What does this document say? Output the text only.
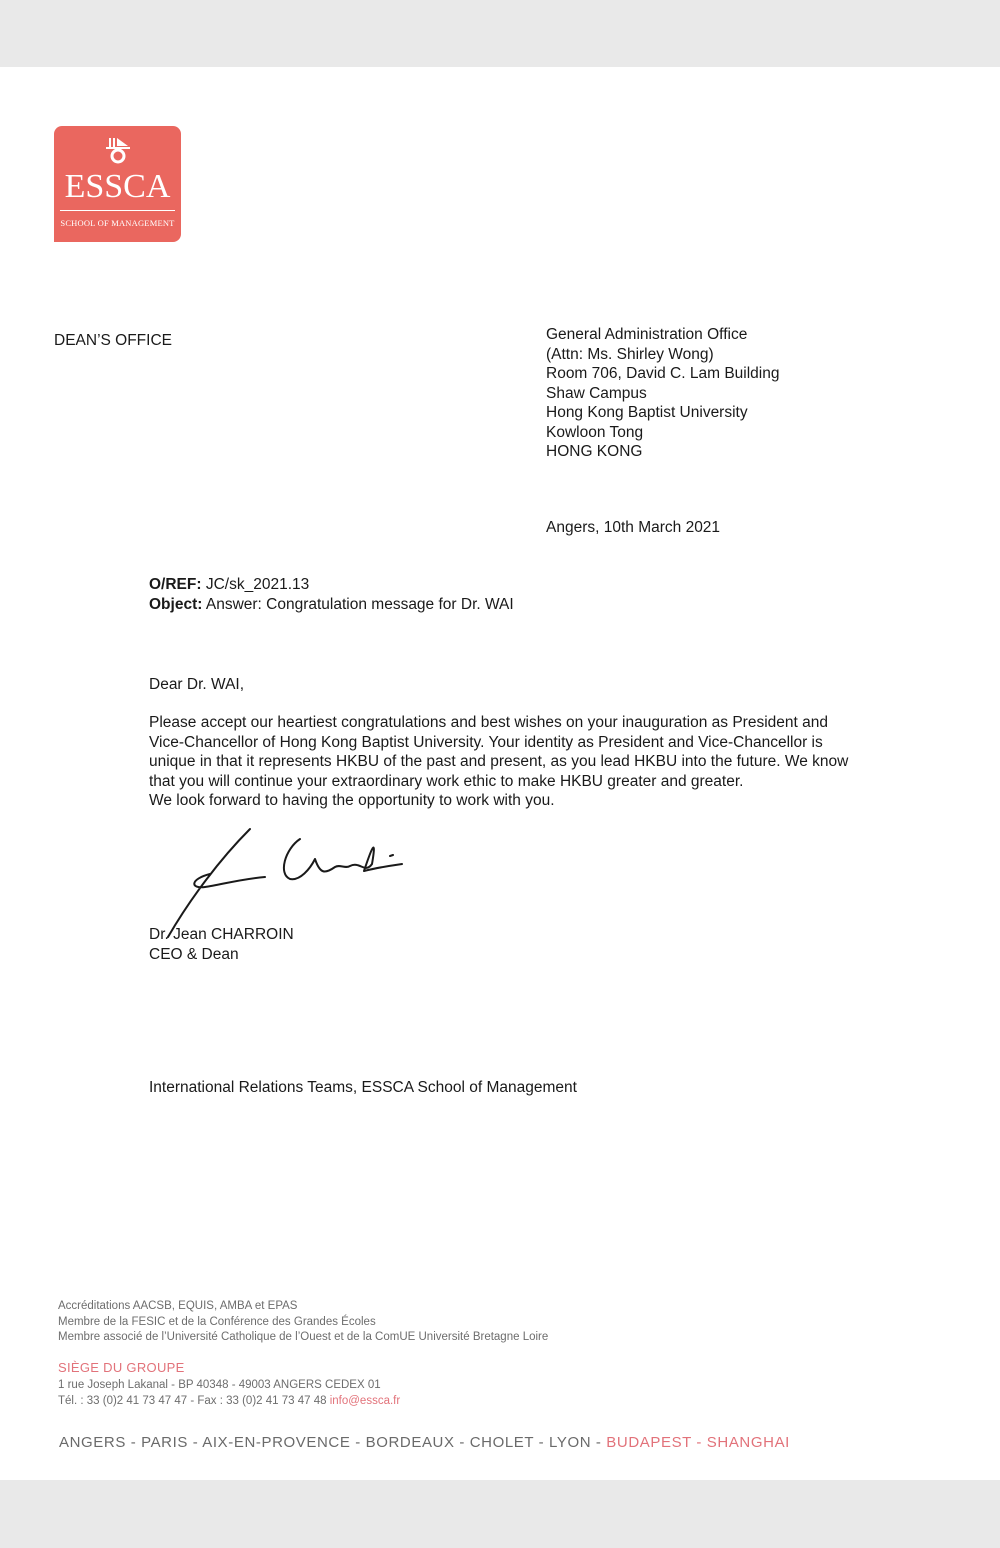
ESSCA
SCHOOL OF MANAGEMENT
DEAN’S OFFICE	General Administration Office
(Attn: Ms. Shirley Wong)
Room 706, David C. Lam Building
Shaw Campus
Hong Kong Baptist University
Kowloon Tong
HONG KONG
Angers, 10th March 2021
O/REF: JC/sk_2021.13
Object: Answer: Congratulation message for Dr. WAI
Dear Dr. WAI,
Please accept our heartiest congratulations and best wishes on your inauguration as President and
Vice-Chancellor of Hong Kong Baptist University. Your identity as President and Vice-Chancellor is
unique in that it represents HKBU of the past and present, as you lead HKBU into the future. We know
that you will continue your extraordinary work ethic to make HKBU greater and greater.
We look forward to having the opportunity to work with you.
Dr. Jean CHARROIN
CEO & Dean
International Relations Teams, ESSCA School of Management
Accréditations AACSB, EQUIS, AMBA et EPAS
Membre de la FESIC et de la Conférence des Grandes Écoles
Membre associé de l’Université Catholique de l’Ouest et de la ComUE Université Bretagne Loire
SIÈGE DU GROUPE
1 rue Joseph Lakanal - BP 40348 - 49003 ANGERS CEDEX 01
Tél. : 33 (0)2 41 73 47 47 - Fax : 33 (0)2 41 73 47 48 info@essca.fr
ANGERS - PARIS - AIX-EN-PROVENCE - BORDEAUX - CHOLET - LYON - BUDAPEST - SHANGHAI
